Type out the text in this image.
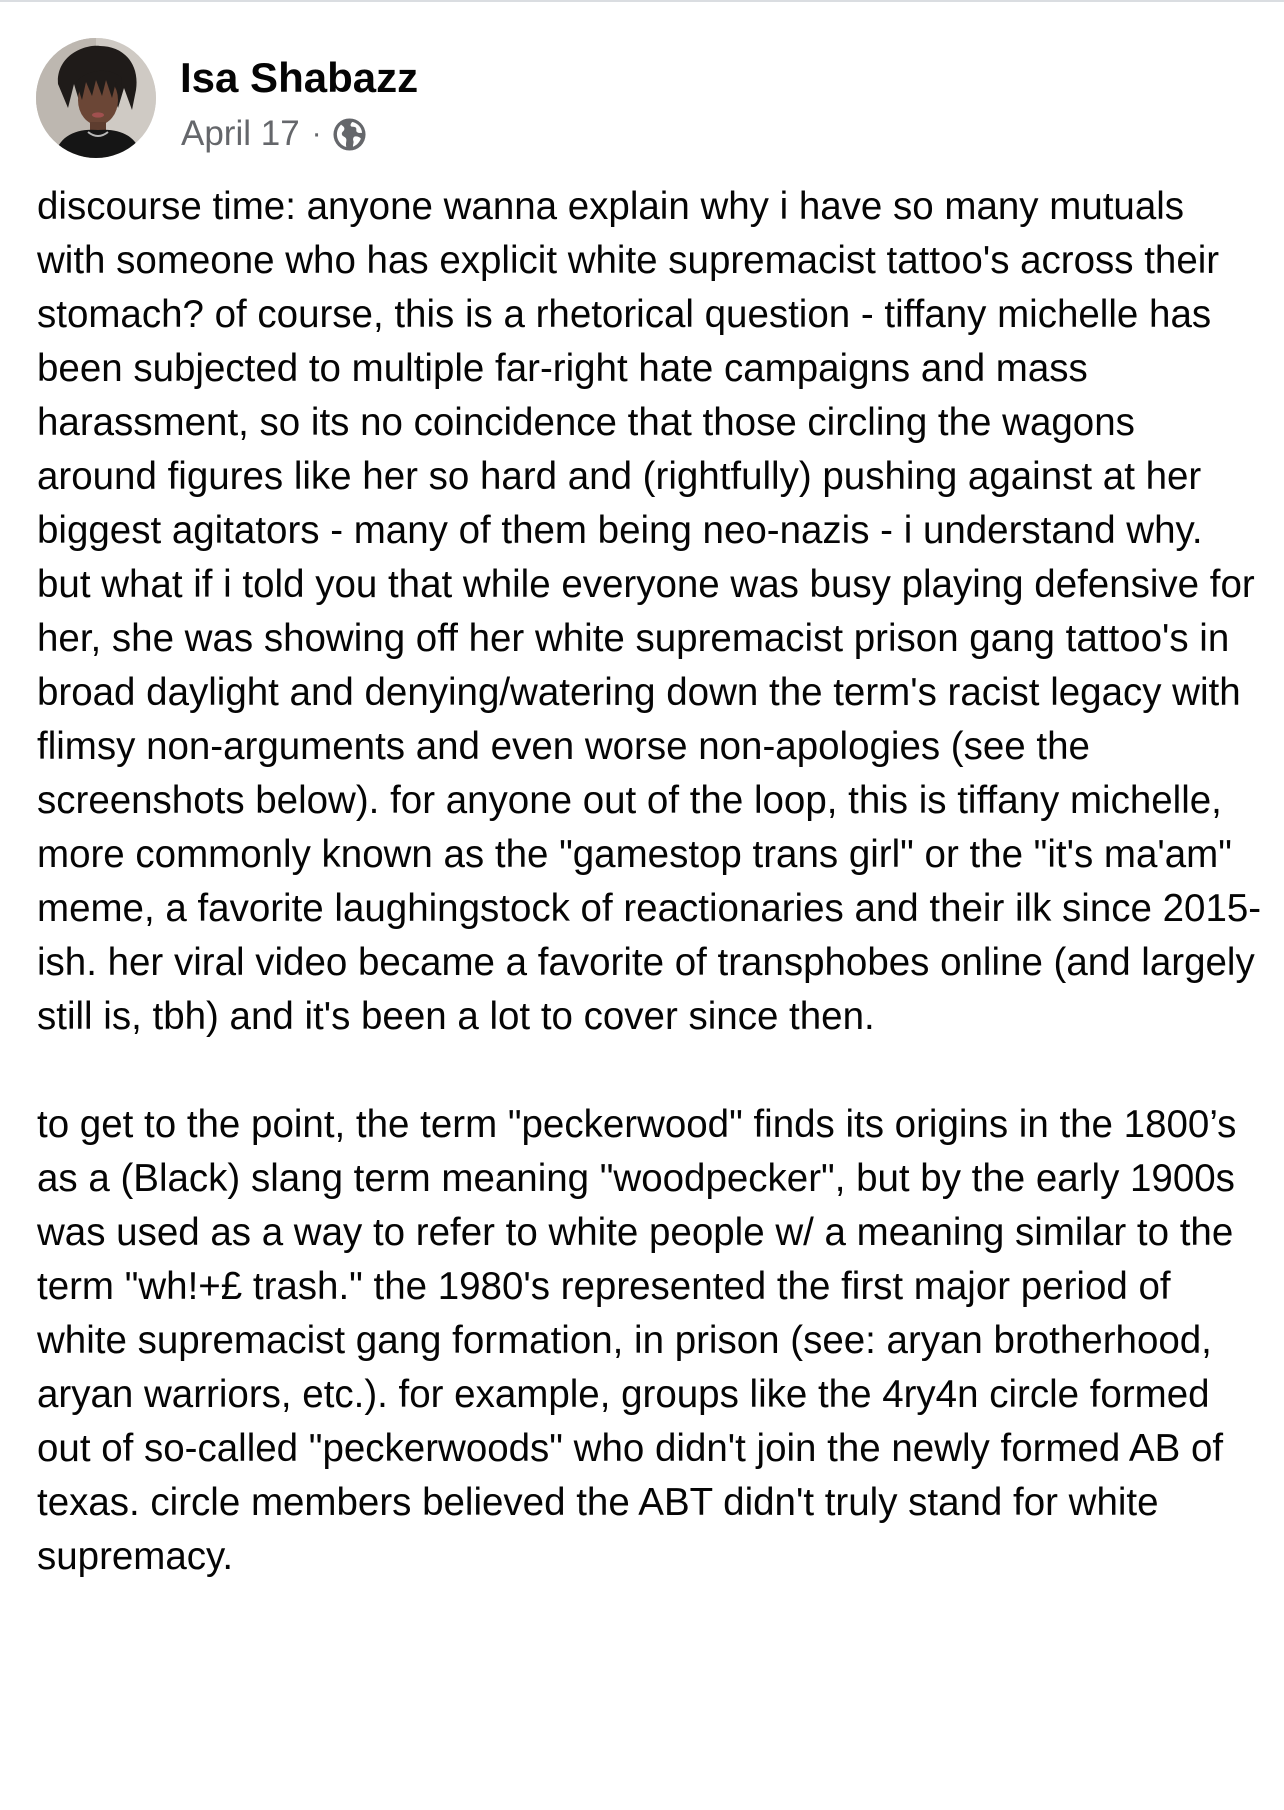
Isa Shabazz
April 17 ·

discourse time: anyone wanna explain why i have so many mutuals with someone who has explicit white supremacist tattoo's across their stomach? of course, this is a rhetorical question - tiffany michelle has been subjected to multiple far-right hate campaigns and mass harassment, so its no coincidence that those circling the wagons around figures like her so hard and (rightfully) pushing against at her biggest agitators - many of them being neo-nazis - i understand why. but what if i told you that while everyone was busy playing defensive for her, she was showing off her white supremacist prison gang tattoo's in broad daylight and denying/watering down the term's racist legacy with flimsy non-arguments and even worse non-apologies (see the screenshots below). for anyone out of the loop, this is tiffany michelle, more commonly known as the "gamestop trans girl" or the "it's ma'am" meme, a favorite laughingstock of reactionaries and their ilk since 2015-ish. her viral video became a favorite of transphobes online (and largely still is, tbh) and it's been a lot to cover since then.

to get to the point, the term "peckerwood" finds its origins in the 1800’s as a (Black) slang term meaning "woodpecker", but by the early 1900s was used as a way to refer to white people w/ a meaning similar to the term "wh!+£ trash." the 1980's represented the first major period of white supremacist gang formation, in prison (see: aryan brotherhood, aryan warriors, etc.). for example, groups like the 4ry4n circle formed out of so-called "peckerwoods" who didn't join the newly formed AB of texas. circle members believed the ABT didn't truly stand for white supremacy.
